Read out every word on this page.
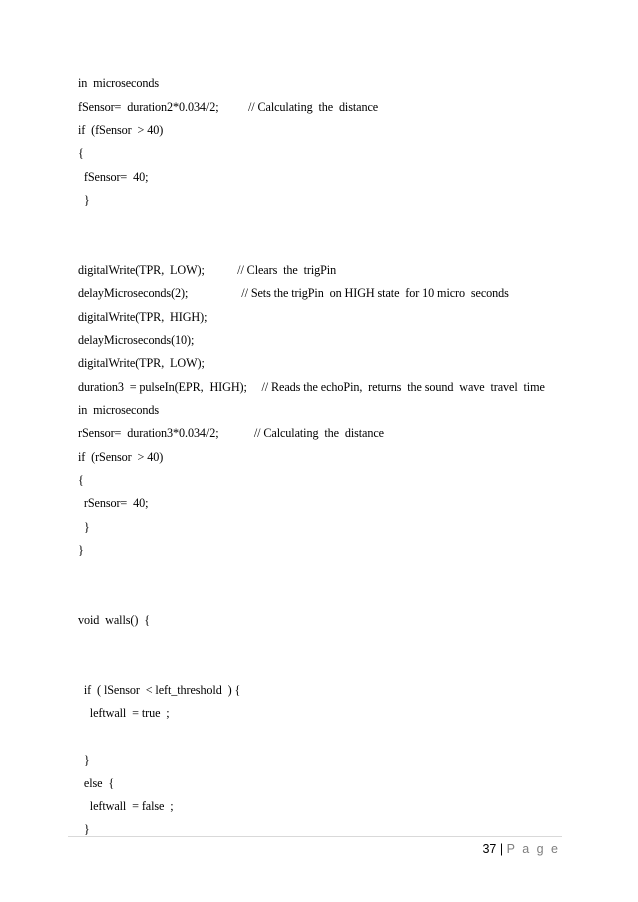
in  microseconds
fSensor=  duration2*0.034/2;          // Calculating  the  distance
if  (fSensor  > 40)
{
fSensor=  40;
}
digitalWrite(TPR,  LOW);           // Clears  the  trigPin
delayMicroseconds(2);                  // Sets the trigPin  on HIGH state  for 10 micro  seconds
digitalWrite(TPR,  HIGH);
delayMicroseconds(10);
digitalWrite(TPR,  LOW);
duration3  = pulseIn(EPR,  HIGH);     // Reads the echoPin,  returns  the sound  wave  travel  time
in  microseconds
rSensor=  duration3*0.034/2;            // Calculating  the  distance
if  (rSensor  > 40)
{
rSensor=  40;
}
}
void  walls()  {
if  ( lSensor  < left_threshold  ) {
leftwall  = true  ;
}
else  {
leftwall  = false  ;
}
37 | P a g e
